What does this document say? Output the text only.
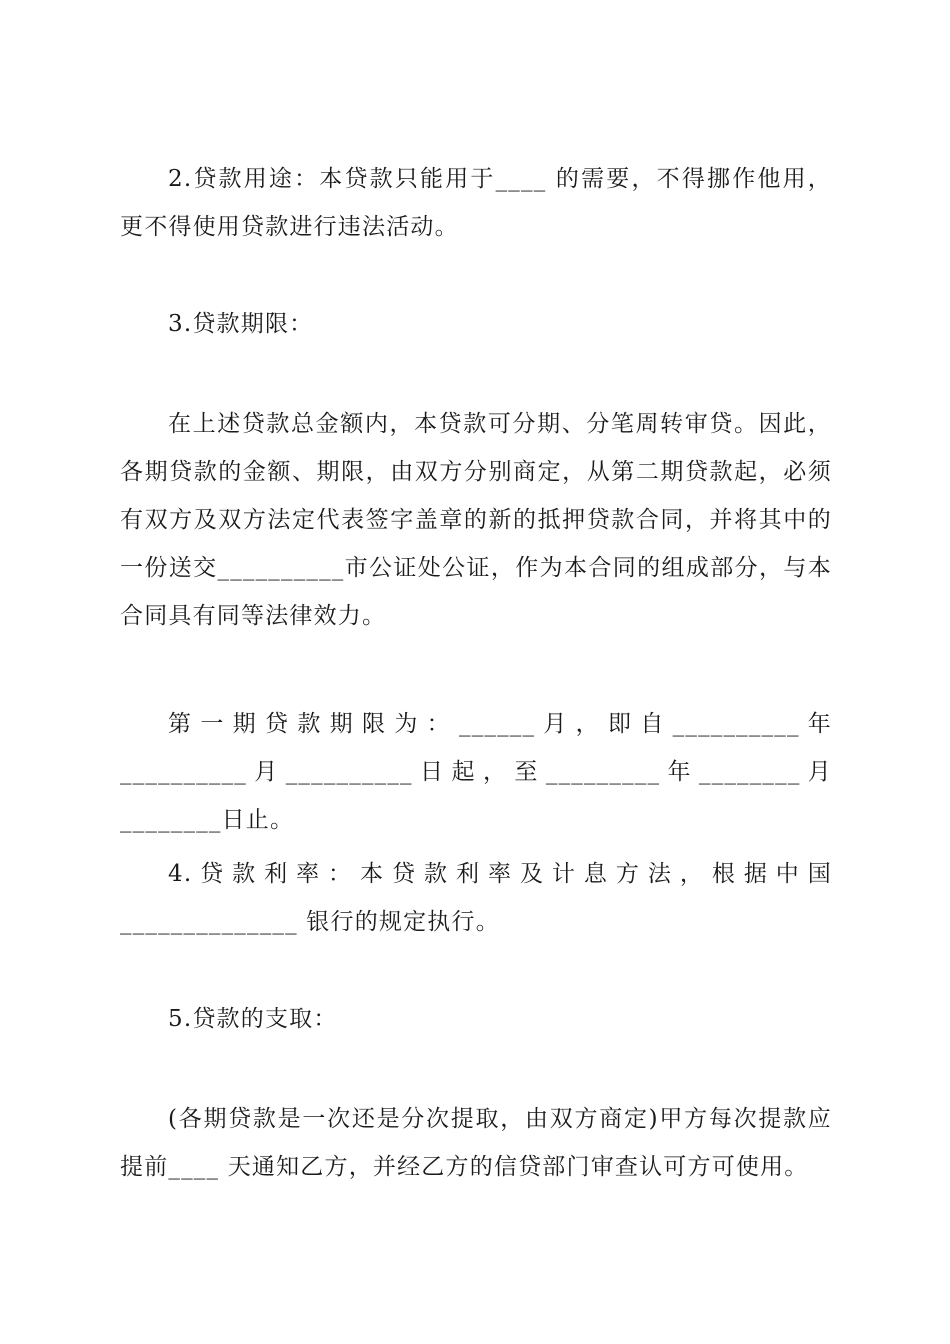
2.贷款用途：本贷款只能用于____ 的需要，不得挪作他用，更不得使用贷款进行违法活动。

3.贷款期限：

在上述贷款总金额内，本贷款可分期、分笔周转审贷。因此，各期贷款的金额、期限，由双方分别商定，从第二期贷款起，必须有双方及双方法定代表签字盖章的新的抵押贷款合同，并将其中的一份送交__________市公证处公证，作为本合同的组成部分，与本合同具有同等法律效力。

第一期贷款期限为：______月，即自__________年__________月__________日起，至_________年________月________日止。

4.贷款利率：本贷款利率及计息方法，根据中国______________ 银行的规定执行。

5.贷款的支取：

(各期贷款是一次还是分次提取，由双方商定)甲方每次提款应提前____ 天通知乙方，并经乙方的信贷部门审查认可方可使用。
